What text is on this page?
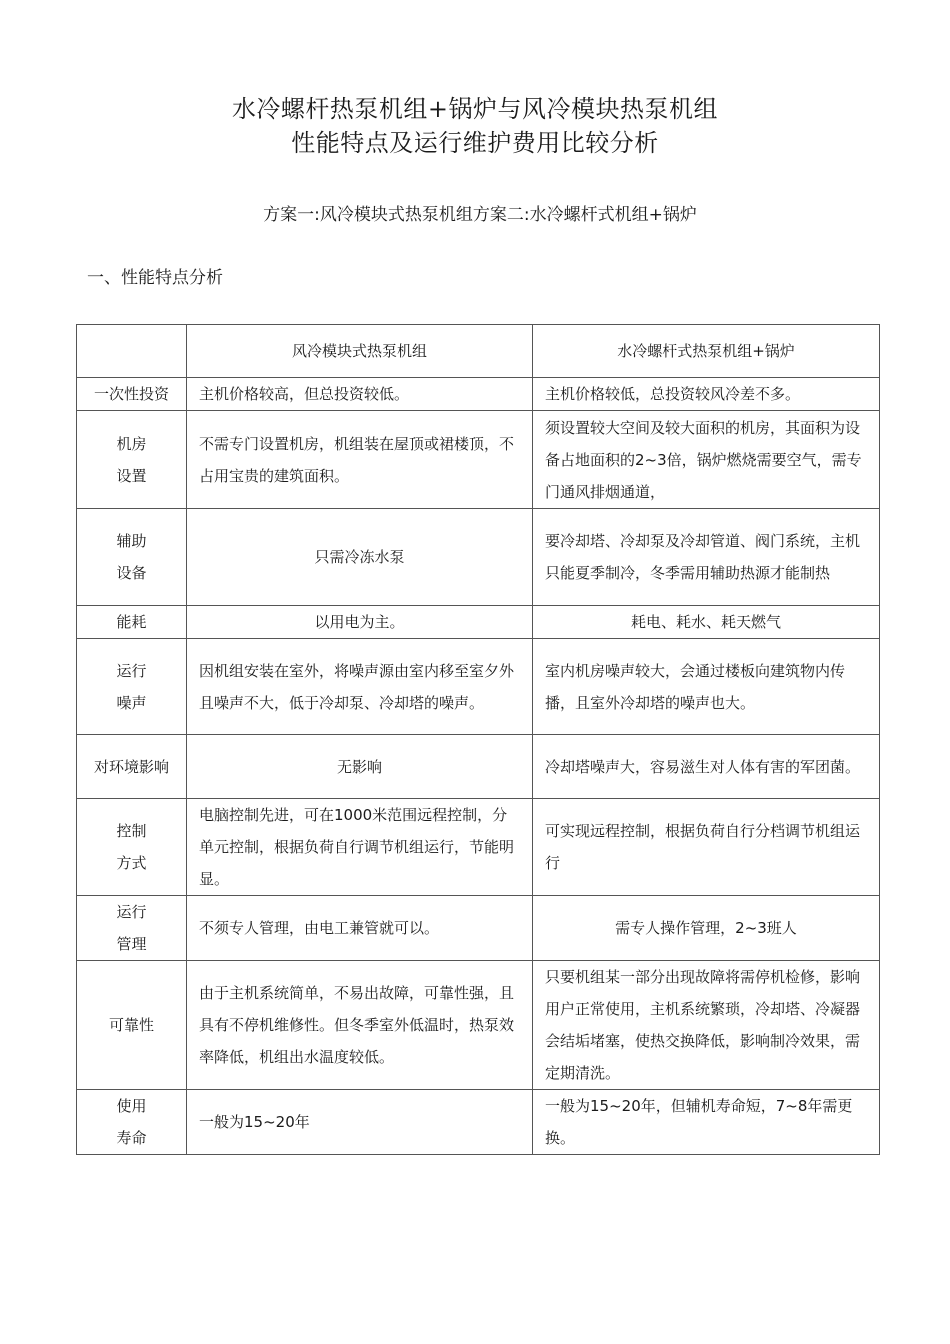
水冷螺杆热泵机组+锅炉与风冷模块热泵机组
性能特点及运行维护费用比较分析
方案一:风冷模块式热泵机组方案二:水冷螺杆式机组+锅炉
一、性能特点分析
	风冷模块式热泵机组	水冷螺杆式热泵机组+锅炉

一次性投资	主机价格较高，但总投资较低。	主机价格较低，总投资较风冷差不多。

机房
设置	不需专门设置机房，机组装在屋顶或裙楼顶，不占用宝贵的建筑面积。	须设置较大空间及较大面积的机房，其面积为设备占地面积的2~3倍，锅炉燃烧需要空气，需专门通风排烟通道，

辅助
设备	只需冷冻水泵	要冷却塔、冷却泵及冷却管道、阀门系统，主机只能夏季制冷，冬季需用辅助热源才能制热

能耗	以用电为主。	耗电、耗水、耗天燃气

运行
噪声	因机组安装在室外，将噪声源由室内移至室夕外且噪声不大，低于冷却泵、冷却塔的噪声。	室内机房噪声较大，会通过楼板向建筑物内传播，且室外冷却塔的噪声也大。

对环境影响	无影响	冷却塔噪声大，容易滋生对人体有害的军团菌。

控制
方式	电脑控制先进，可在1000米范围远程控制，分单元控制，根据负荷自行调节机组运行，节能明显。	可实现远程控制，根据负荷自行分档调节机组运行

运行
管理	不须专人管理，由电工兼管就可以。	需专人操作管理，2~3班人

可靠性	由于主机系统简单，不易出故障，可靠性强，且具有不停机维修性。但冬季室外低温时，热泵效率降低，机组出水温度较低。	只要机组某一部分出现故障将需停机检修，影响用户正常使用，主机系统繁琐，冷却塔、冷凝器会结垢堵塞，使热交换降低，影响制冷效果，需定期清洗。

使用
寿命	一般为15~20年	一般为15~20年，但辅机寿命短，7~8年需更换。
